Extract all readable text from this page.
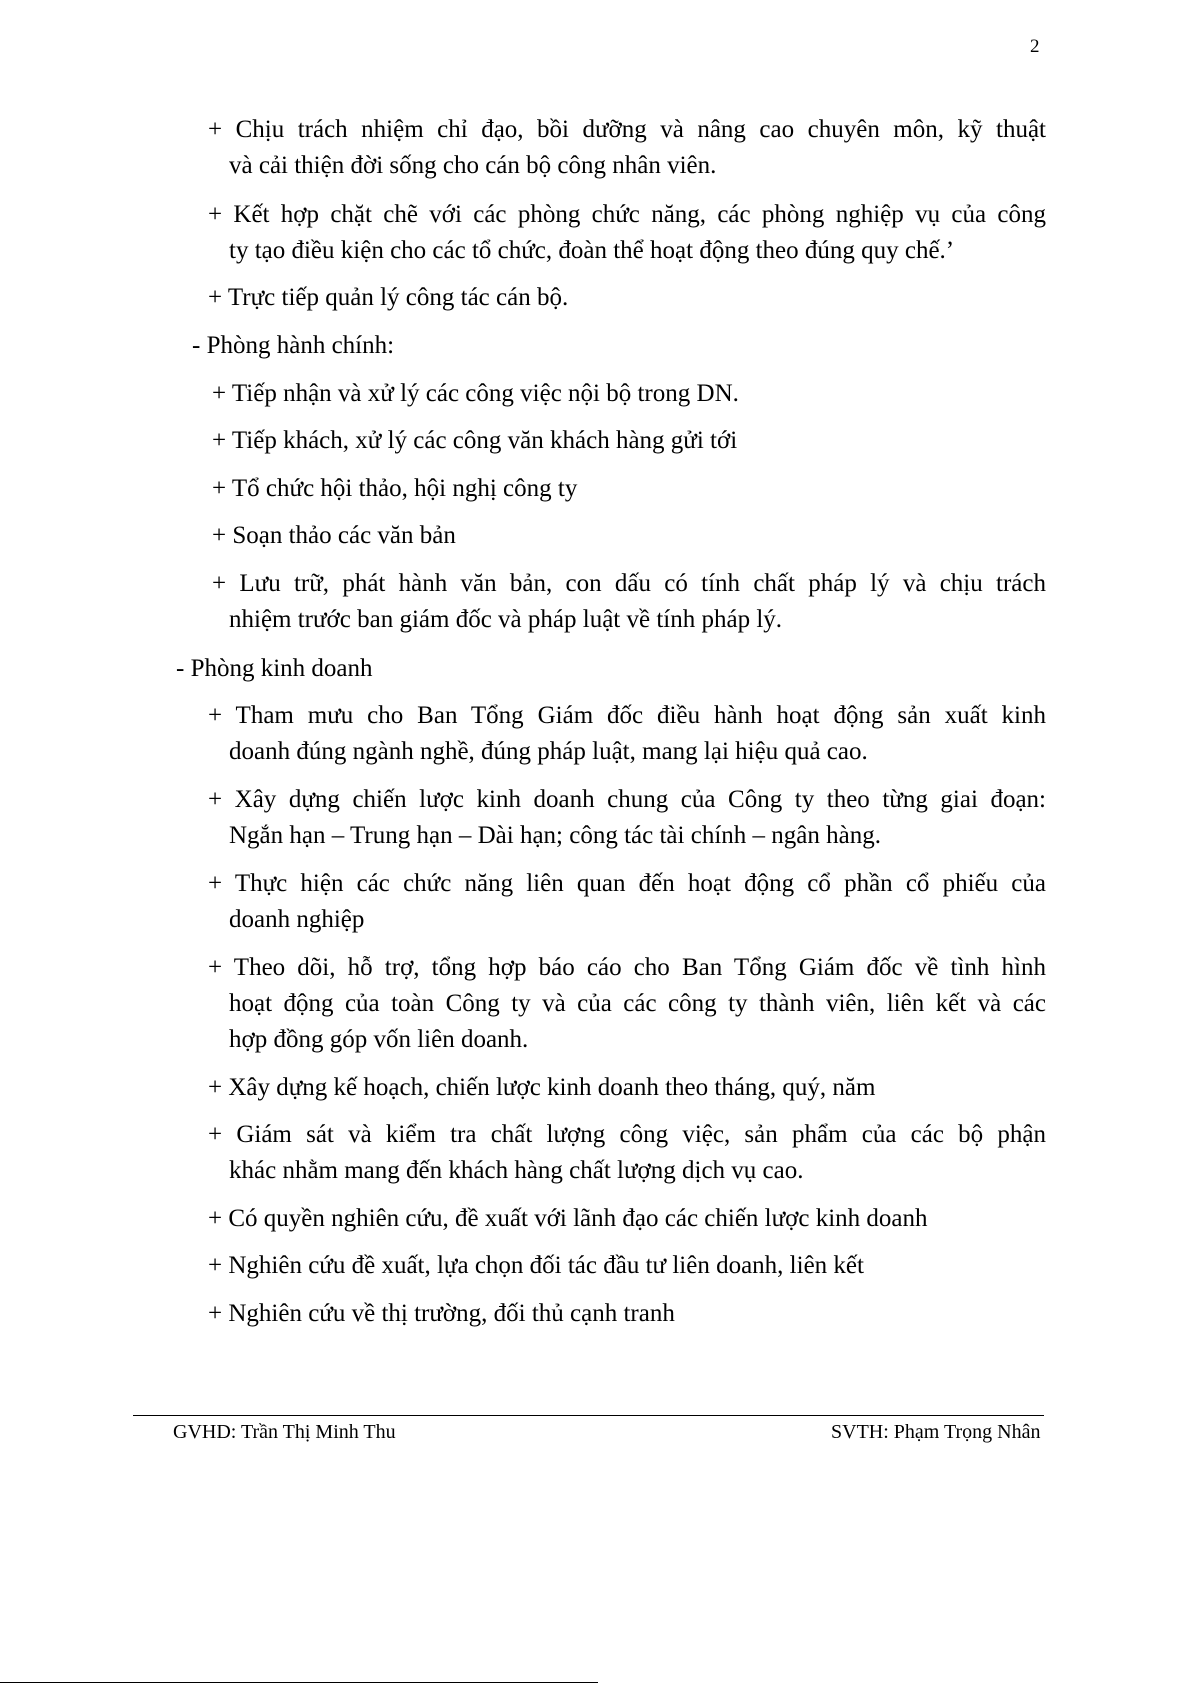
2
+ Chịu trách nhiệm chỉ đạo, bồi dưỡng và nâng cao chuyên môn, kỹ thuật
và cải thiện đời sống cho cán bộ công nhân viên.
+ Kết hợp chặt chẽ với các phòng chức năng, các phòng nghiệp vụ của công
ty tạo điều kiện cho các tổ chức, đoàn thể hoạt động theo đúng quy chế.’
+ Trực tiếp quản lý công tác cán bộ.
- Phòng hành chính:
+ Tiếp nhận và xử lý các công việc nội bộ trong DN.
+ Tiếp khách, xử lý các công văn khách hàng gửi tới
+ Tổ chức hội thảo, hội nghị công ty
+ Soạn thảo các văn bản
+ Lưu trữ, phát hành văn bản, con dấu có tính chất pháp lý và chịu trách
nhiệm trước ban giám đốc và pháp luật về tính pháp lý.
- Phòng kinh doanh
+ Tham mưu cho Ban Tổng Giám đốc điều hành hoạt động sản xuất kinh
doanh đúng ngành nghề, đúng pháp luật, mang lại hiệu quả cao.
+ Xây dựng chiến lược kinh doanh chung của Công ty theo từng giai đoạn:
Ngắn hạn – Trung hạn – Dài hạn; công tác tài chính – ngân hàng.
+ Thực hiện các chức năng liên quan đến hoạt động cổ phần cổ phiếu của
doanh nghiệp
+ Theo dõi, hỗ trợ, tổng hợp báo cáo cho Ban Tổng Giám đốc về tình hình
hoạt động của toàn Công ty và của các công ty thành viên, liên kết và các
hợp đồng góp vốn liên doanh.
+ Xây dựng kế hoạch, chiến lược kinh doanh theo tháng, quý, năm
+ Giám sát và kiểm tra chất lượng công việc, sản phẩm của các bộ phận
khác nhằm mang đến khách hàng chất lượng dịch vụ cao.
+ Có quyền nghiên cứu, đề xuất với lãnh đạo các chiến lược kinh doanh
+ Nghiên cứu đề xuất, lựa chọn đối tác đầu tư liên doanh, liên kết
+ Nghiên cứu về thị trường, đối thủ cạnh tranh
GVHD: Trần Thị Minh Thu	SVTH: Phạm Trọng Nhân
